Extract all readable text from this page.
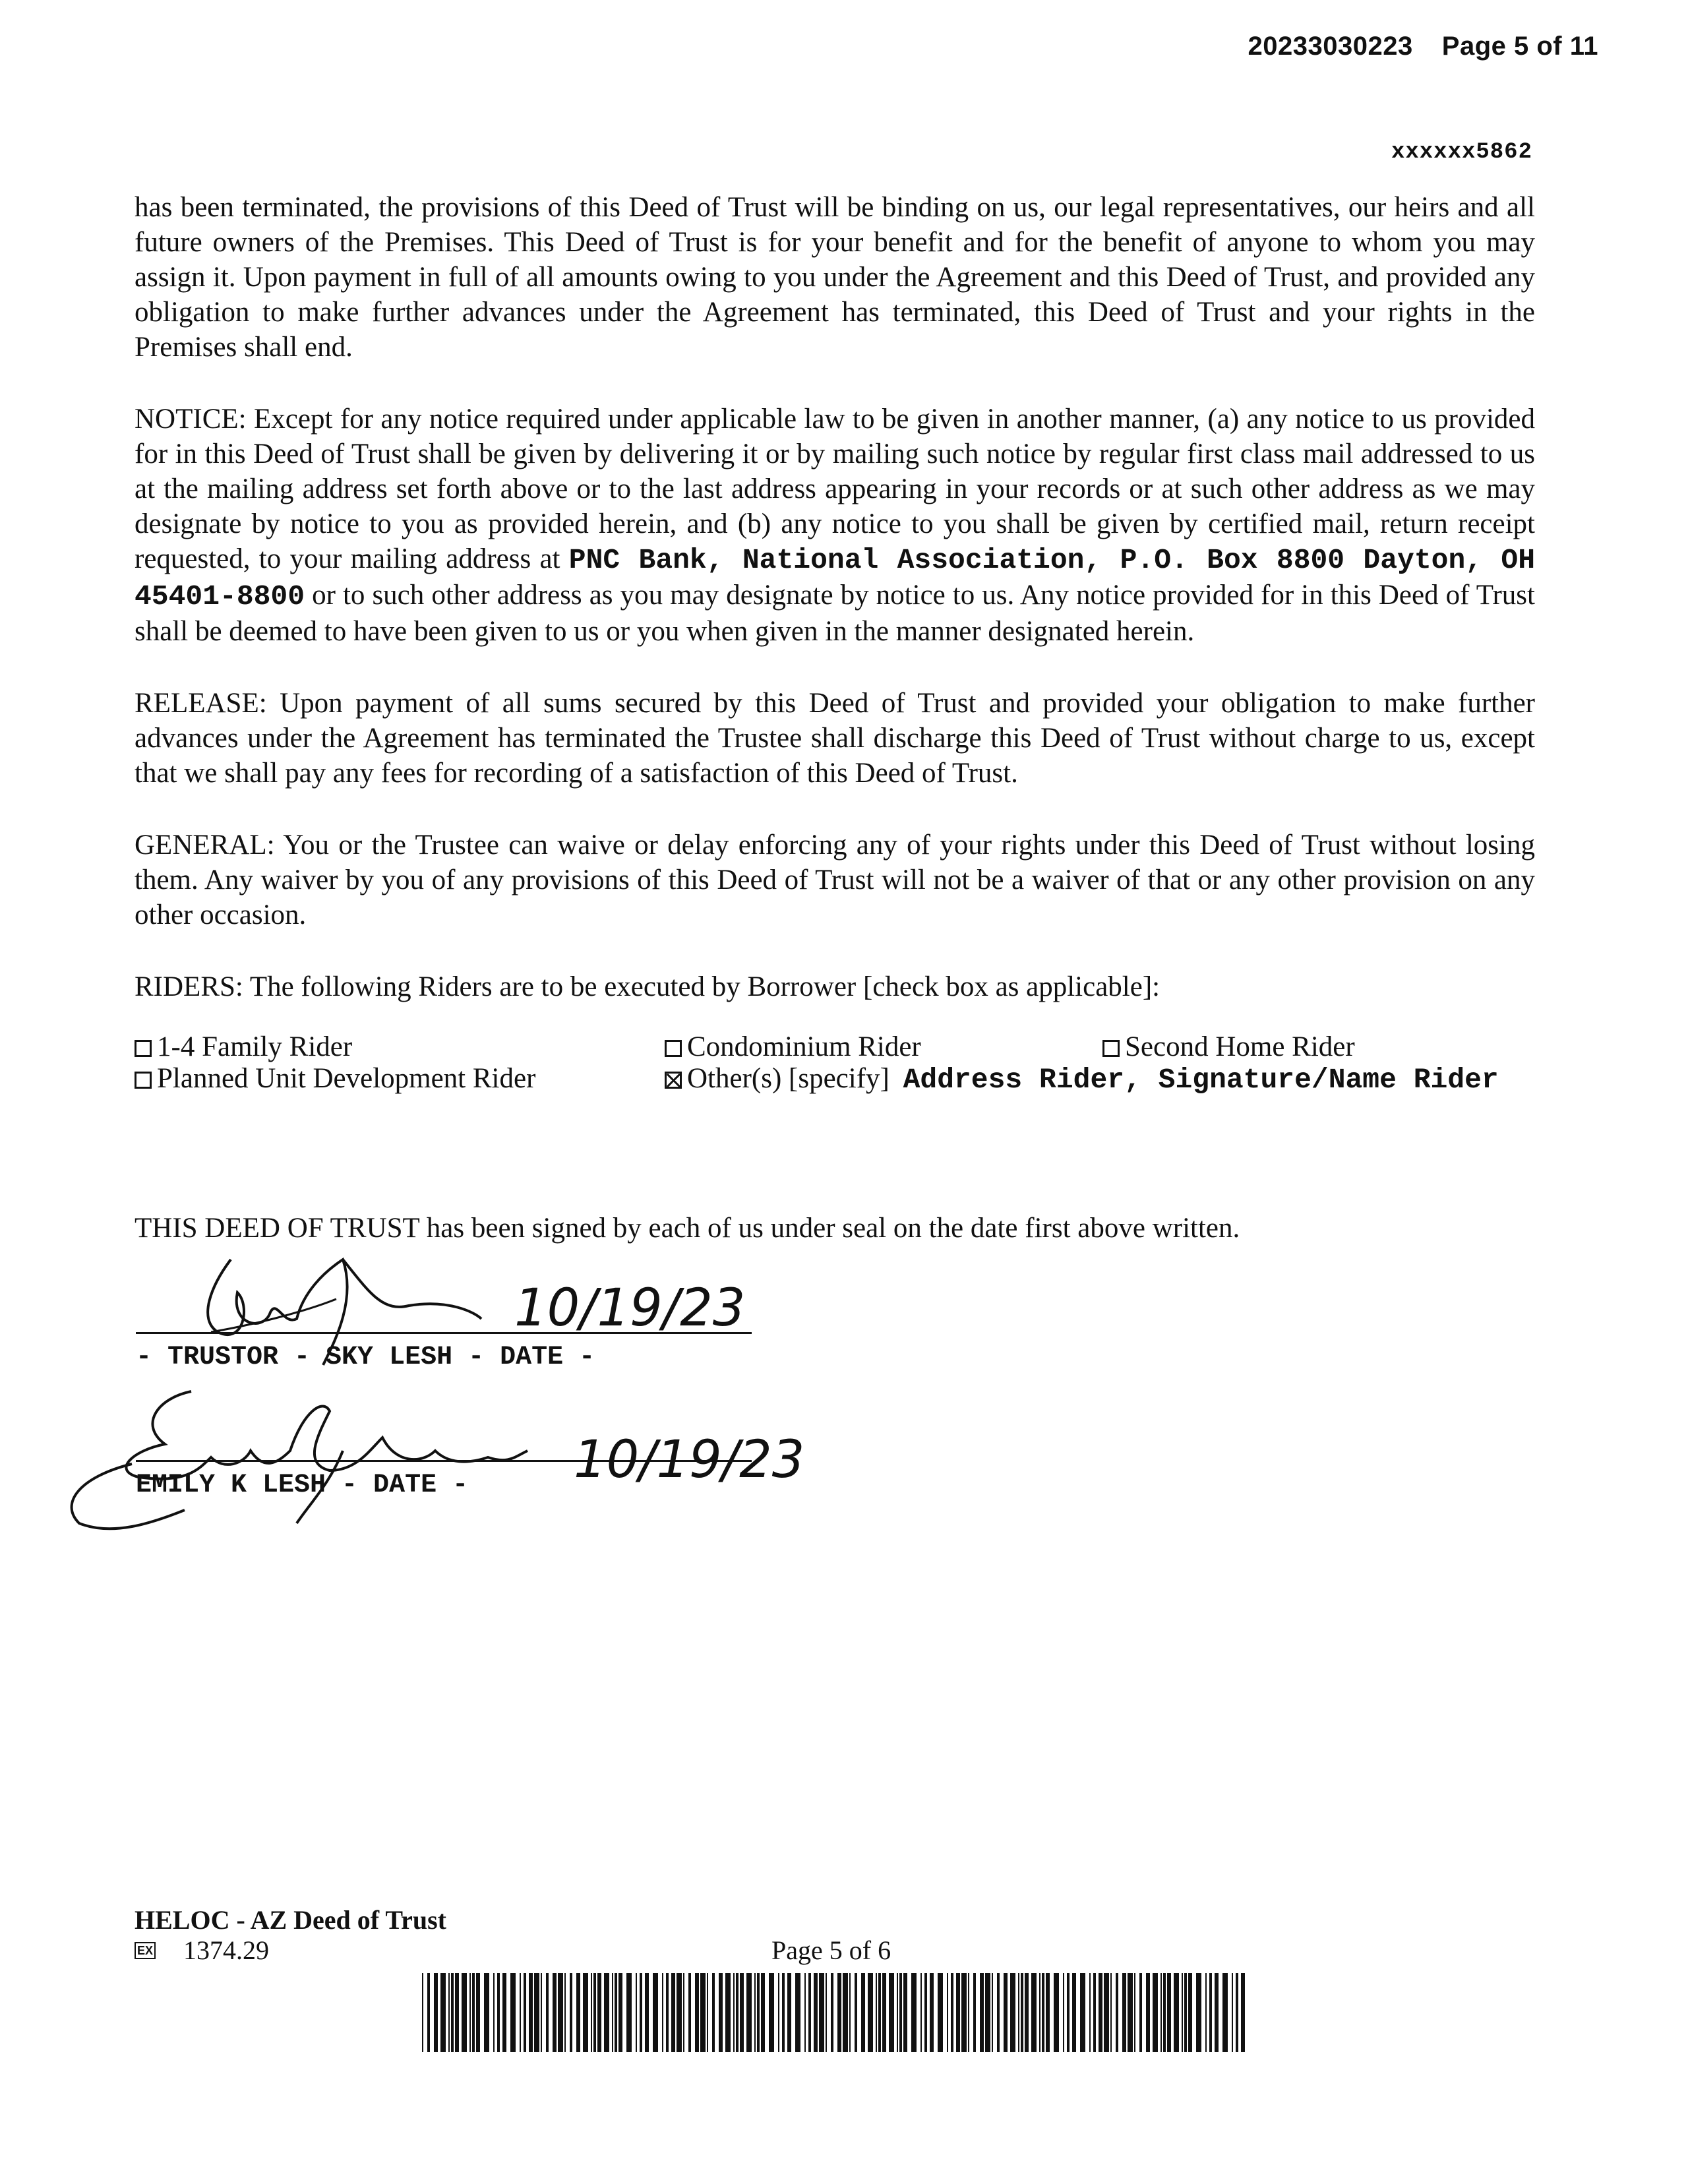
20233030223 Page 5 of 11
xxxxxx5862

has been terminated, the provisions of this Deed of Trust will be binding on us, our legal representatives, our heirs and all future owners of the Premises. This Deed of Trust is for your benefit and for the benefit of anyone to whom you may assign it. Upon payment in full of all amounts owing to you under the Agreement and this Deed of Trust, and provided any obligation to make further advances under the Agreement has terminated, this Deed of Trust and your rights in the Premises shall end.

NOTICE: Except for any notice required under applicable law to be given in another manner, (a) any notice to us provided for in this Deed of Trust shall be given by delivering it or by mailing such notice by regular first class mail addressed to us at the mailing address set forth above or to the last address appearing in your records or at such other address as we may designate by notice to you as provided herein, and (b) any notice to you shall be given by certified mail, return receipt requested, to your mailing address at PNC Bank, National Association, P.O. Box 8800 Dayton, OH 45401-8800 or to such other address as you may designate by notice to us. Any notice provided for in this Deed of Trust shall be deemed to have been given to us or you when given in the manner designated herein.

RELEASE: Upon payment of all sums secured by this Deed of Trust and provided your obligation to make further advances under the Agreement has terminated the Trustee shall discharge this Deed of Trust without charge to us, except that we shall pay any fees for recording of a satisfaction of this Deed of Trust.

GENERAL: You or the Trustee can waive or delay enforcing any of your rights under this Deed of Trust without losing them. Any waiver by you of any provisions of this Deed of Trust will not be a waiver of that or any other provision on any other occasion.

RIDERS: The following Riders are to be executed by Borrower [check box as applicable]:

1-4 Family Rider	Condominium Rider	Second Home Rider
Planned Unit Development Rider	Other(s) [specify] Address Rider, Signature/Name Rider
THIS DEED OF TRUST has been signed by each of us under seal on the date first above written.
- TRUSTOR - SKY LESH - DATE -
10/19/23
EMILY K LESH - DATE - 10/19/23
HELOC - AZ Deed of Trust
EX 1374.29	Page 5 of 6
